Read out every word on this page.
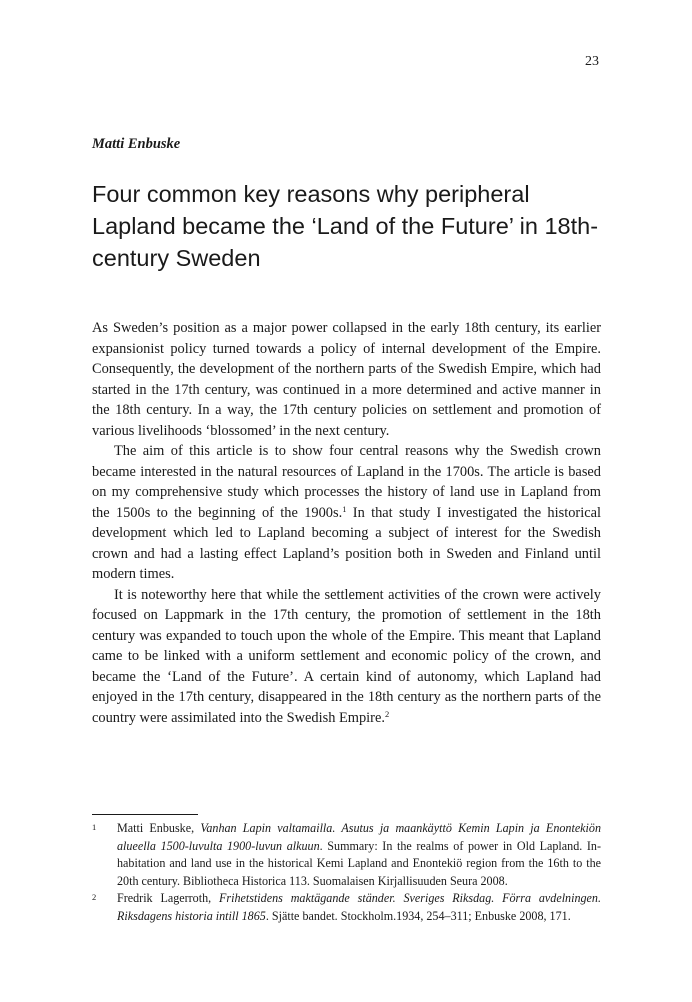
23
Matti Enbuske
Four common key reasons why peripheral Lapland became the ‘Land of the Future’ in 18th-century Sweden

As Sweden’s position as a major power collapsed in the early 18th century, its earlier expansionist policy turned towards a policy of internal development of the Empire. Consequently, the development of the northern parts of the Swedish Empire, which had started in the 17th century, was continued in a more determined and active manner in the 18th century. In a way, the 17th century policies on settlement and promotion of various livelihoods ‘blossomed’ in the next century.

The aim of this article is to show four central reasons why the Swedish crown became interested in the natural resources of Lapland in the 1700s. The article is based on my comprehensive study which processes the history of land use in Lapland from the 1500s to the beginning of the 1900s.$^1$ In that study I investigated the historical development which led to Lapland becoming a subject of interest for the Swedish crown and had a lasting effect Lapland’s position both in Sweden and Finland until modern times.

It is noteworthy here that while the settlement activities of the crown were actively focused on Lappmark in the 17th century, the promotion of settlement in the 18th century was expanded to touch upon the whole of the Empire. This meant that Lapland came to be linked with a uniform settlement and economic policy of the crown, and became the ‘Land of the Future’. A certain kind of autonomy, which Lapland had enjoyed in the 17th century, disappeared in the 18th century as the northern parts of the country were assimilated into the Swedish Empire.$^2$

1	Matti Enbuske, Vanhan Lapin valtamailla. Asutus ja maankäyttö Kemin Lapin ja Enontekiön alueella 1500-luvulta 1900-luvun alkuun. Summary: In the realms of power in Old Lapland. In-habitation and land use in the historical Kemi Lapland and Enontekiö region from the 16th to the 20th century. Bibliotheca Historica 113. Suomalaisen Kirjallisuuden Seura 2008.
2	Fredrik Lagerroth, Frihetstidens maktägande ständer. Sveriges Riksdag. Förra avdelningen. Riksdagens historia intill 1865. Sjätte bandet. Stockholm.1934, 254–311; Enbuske 2008, 171.
